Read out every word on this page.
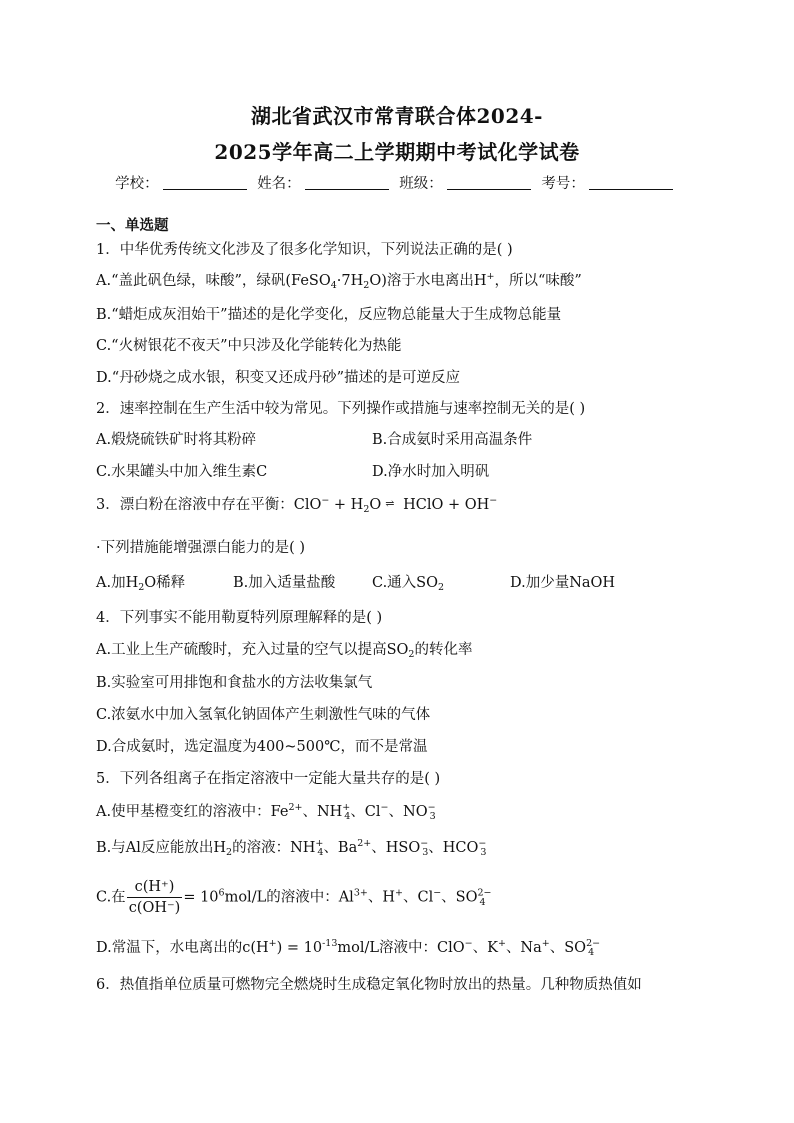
湖北省武汉市常青联合体2024-
2025学年高二上学期期中考试化学试卷
学校：	姓名：	班级：	考号：
一、单选题
1．中华优秀传统文化涉及了很多化学知识，下列说法正确的是( )
A.“盖此矾色绿，味酸”，绿矾$(FeSO_4\cdot 7H_2O)$溶于水电离出H+，所以“味酸”
B.“蜡炬成灰泪始干”描述的是化学变化，反应物总能量大于生成物总能量
C.“火树银花不夜天”中只涉及化学能转化为热能
D.“丹砂烧之成水银，积变又还成丹砂”描述的是可逆反应
2．速率控制在生产生活中较为常见。下列操作或措施与速率控制无关的是( )
A.煅烧硫铁矿时将其粉碎	B.合成氨时采用高温条件
C.水果罐头中加入维生素C	D.净水时加入明矾
3．漂白粉在溶液中存在平衡：$ClO^- + H_2O$ ⇌ HClO + OH−
·下列措施能增强漂白能力的是( )
A.加$H_2O$稀释	B.加入适量盐酸	C.通入$SO_2$	D.加少量NaOH
4．下列事实不能用勒夏特列原理解释的是( )
A.工业上生产硫酸时，充入过量的空气以提高$SO_2$的转化率
B.实验室可用排饱和食盐水的方法收集氯气
C.浓氨水中加入氢氧化钠固体产生刺激性气味的气体
D.合成氨时，选定温度为400~500℃，而不是常温
5．下列各组离子在指定溶液中一定能大量共存的是( )
A.使甲基橙变红的溶液中：$Fe^{2+}$、$NH^+_4$、Cl−、$NO^-_3$
B.与Al反应能放出$H_2$的溶液：$NH^+_4$、$Ba^{2+}$、$HSO^-_3$、$HCO^-_3$
C.在 $\frac{c(H^+)}{c(OH^-)} = 10^6mol/L$的溶液中：$Al^{3+}$、H+、Cl−、$SO^{2-}_4$
D.常温下，水电离出的$c(H^+) = 10^{-13}mol/L$溶液中：ClO−、K+、Na+、$SO^{2-}_4$
6．热值指单位质量可燃物完全燃烧时生成稳定氧化物时放出的热量。几种物质热值如
